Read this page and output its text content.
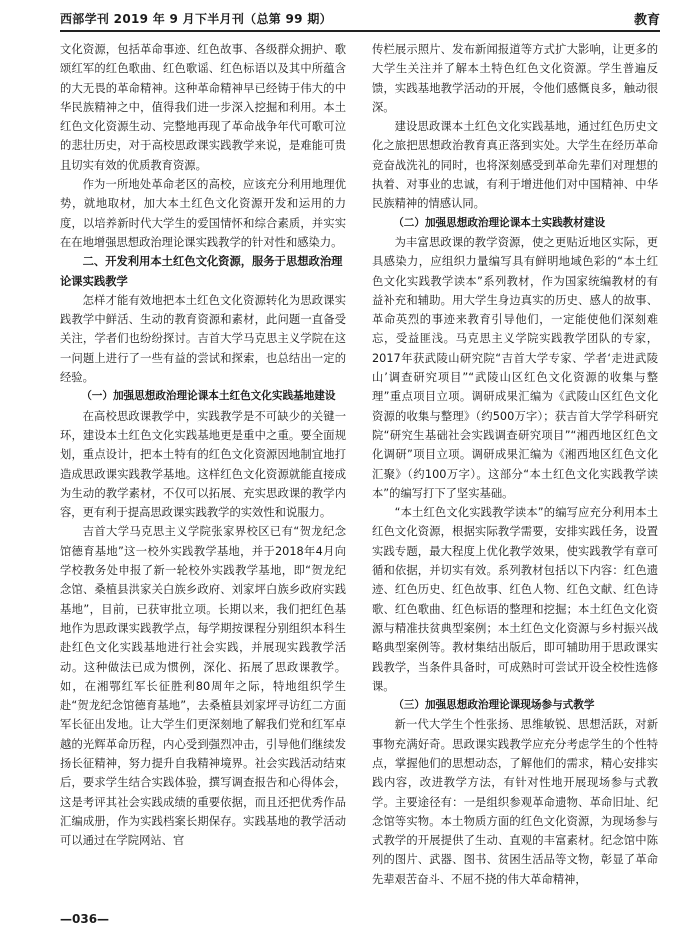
西部学刊 2019 年 9 月下半月刊（总第 99 期）	教育

文化资源，包括革命事迹、红色故事、各级群众拥护、歌颂红军的红色歌曲、红色歌谣、红色标语以及其中所蕴含的大无畏的革命精神。这种革命精神早已经铸于伟大的中华民族精神之中，值得我们进一步深入挖掘和利用。本土红色文化资源生动、完整地再现了革命战争年代可歌可泣的悲壮历史，对于高校思政课实践教学来说，是难能可贵且切实有效的优质教育资源。

作为一所地处革命老区的高校，应该充分利用地理优势，就地取材，加大本土红色文化资源开发和运用的力度，以培养新时代大学生的爱国情怀和综合素质，并实实在在地增强思想政治理论课实践教学的针对性和感染力。

二、开发利用本土红色文化资源，服务于思想政治理论课实践教学

怎样才能有效地把本土红色文化资源转化为思政课实践教学中鲜活、生动的教育资源和素材，此问题一直备受关注，学者们也纷纷探讨。吉首大学马克思主义学院在这一问题上进行了一些有益的尝试和探索，也总结出一定的经验。

（一）加强思想政治理论课本土红色文化实践基地建设

在高校思政课教学中，实践教学是不可缺少的关键一环，建设本土红色文化实践基地更是重中之重。要全面规划，重点设计，把本土特有的红色文化资源因地制宜地打造成思政课实践教学基地。这样红色文化资源就能直接成为生动的教学素材，不仅可以拓展、充实思政课的教学内容，更有利于提高思政课实践教学的实效性和说服力。

吉首大学马克思主义学院张家界校区已有“贺龙纪念馆德育基地”这一校外实践教学基地，并于2018年4月向学校教务处申报了新一轮校外实践教学基地，即“贺龙纪念馆、桑植县洪家关白族乡政府、刘家坪白族乡政府实践基地”，目前，已获审批立项。长期以来，我们把红色基地作为思政课实践教学点，每学期按课程分别组织本科生赴红色文化实践基地进行社会实践，并展现实践教学活动。这种做法已成为惯例，深化、拓展了思政课教学。如，在湘鄂红军长征胜利80周年之际，特地组织学生赴“贺龙纪念馆德育基地”，去桑植县刘家坪寻访红二方面军长征出发地。让大学生们更深刻地了解我们党和红军卓越的光辉革命历程，内心受到强烈冲击，引导他们继续发扬长征精神，努力提升自我精神境界。社会实践活动结束后，要求学生结合实践体验，撰写调查报告和心得体会，这是考评其社会实践成绩的重要依据，而且还把优秀作品汇编成册，作为实践档案长期保存。实践基地的教学活动可以通过在学院网站、官

传栏展示照片、发布新闻报道等方式扩大影响，让更多的大学生关注并了解本土特色红色文化资源。学生普遍反馈，实践基地教学活动的开展，令他们感慨良多，触动很深。

建设思政课本土红色文化实践基地，通过红色历史文化之旅把思想政治教育真正落到实处。大学生在经历革命竞奋战洗礼的同时，也将深刻感受到革命先辈们对理想的执着、对事业的忠诚，有利于增进他们对中国精神、中华民族精神的情感认同。

（二）加强思想政治理论课本土实践教材建设

为丰富思政课的教学资源，使之更贴近地区实际，更具感染力，应组织力量编写具有鲜明地域色彩的“本土红色文化实践教学读本”系列教材，作为国家统编教材的有益补充和辅助。用大学生身边真实的历史、感人的故事、革命英烈的事迹来教育引导他们，一定能使他们深刻难忘，受益匪浅。马克思主义学院实践教学团队的专家，2017年获武陵山研究院“吉首大学专家、学者‘走进武陵山’调查研究项目”“武陵山区红色文化资源的收集与整理”重点项目立项。调研成果汇编为《武陵山区红色文化资源的收集与整理》（约500万字）；获吉首大学学科研究院“研究生基础社会实践调查研究项目”“湘西地区红色文化调研”项目立项。调研成果汇编为《湘西地区红色文化汇聚》（约100万字）。这部分“本土红色文化实践教学读本”的编写打下了坚实基础。

“本土红色文化实践教学读本”的编写应充分利用本土红色文化资源，根据实际教学需要，安排实践任务，设置实践专题，最大程度上优化教学效果，使实践教学有章可循和依据，并切实有效。系列教材包括以下内容：红色遗迹、红色历史、红色故事、红色人物、红色文献、红色诗歌、红色歌曲、红色标语的整理和挖掘；本土红色文化资源与精准扶贫典型案例；本土红色文化资源与乡村振兴战略典型案例等。教材集结出版后，即可辅助用于思政课实践教学，当条件具备时，可成熟时可尝试开设全校性选修课。

（三）加强思想政治理论课现场参与式教学

新一代大学生个性张扬、思维敏锐、思想活跃，对新事物充满好奇。思政课实践教学应充分考虑学生的个性特点，掌握他们的思想动态，了解他们的需求，精心安排实践内容，改进教学方法，有针对性地开展现场参与式教学。主要途径有：一是组织参观革命遗物、革命旧址、纪念馆等实物。本土物质方面的红色文化资源，为现场参与式教学的开展提供了生动、直观的丰富素材。纪念馆中陈列的图片、武器、图书、贫困生活品等文物，彰显了革命先辈艰苦奋斗、不屈不挠的伟大革命精神，

—036—
